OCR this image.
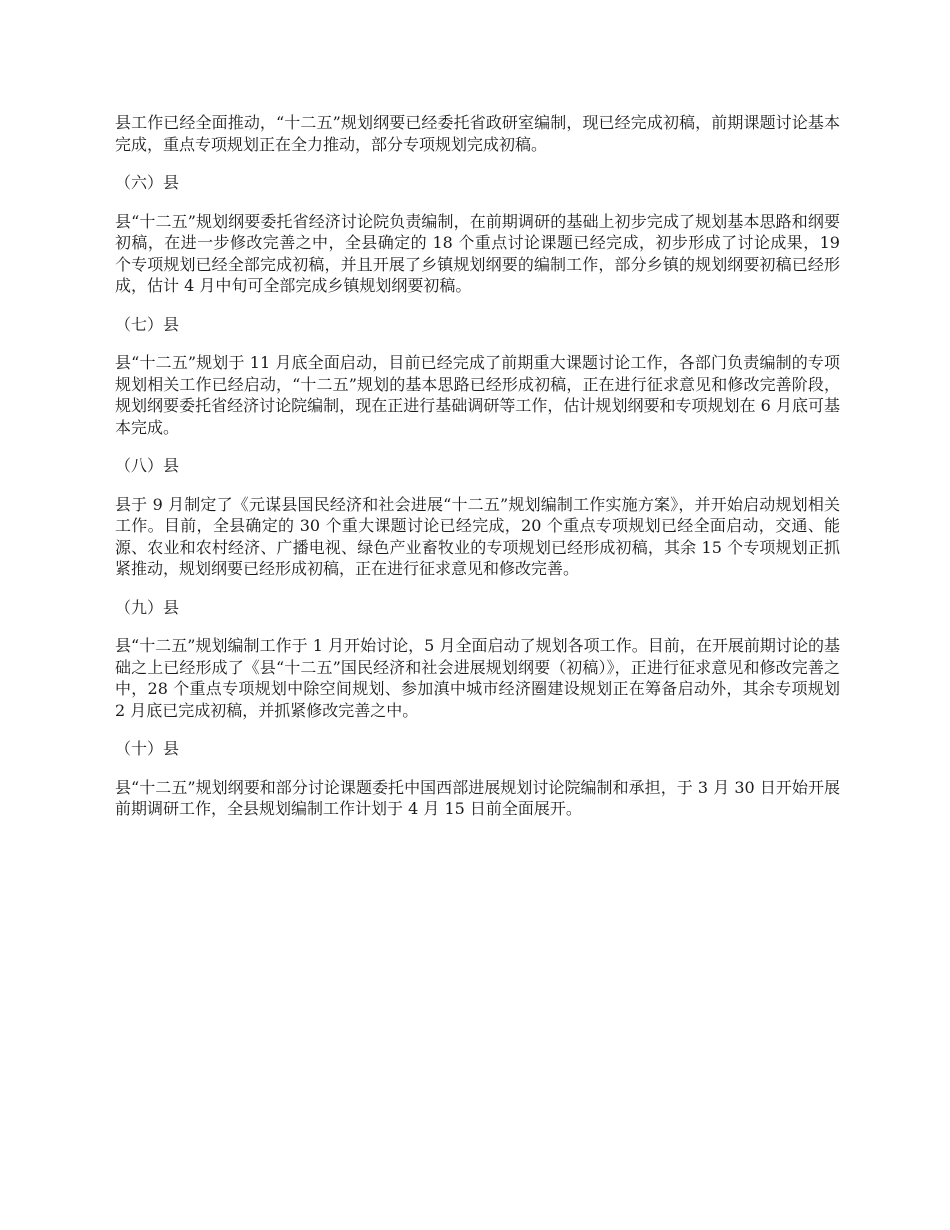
县工作已经全面推动，“十二五”规划纲要已经委托省政研室编制，现已经完成初稿，前期课题讨论基本完成，重点专项规划正在全力推动，部分专项规划完成初稿。

（六）县

县“十二五”规划纲要委托省经济讨论院负责编制，在前期调研的基础上初步完成了规划基本思路和纲要初稿，在进一步修改完善之中，全县确定的 18 个重点讨论课题已经完成，初步形成了讨论成果，19 个专项规划已经全部完成初稿，并且开展了乡镇规划纲要的编制工作，部分乡镇的规划纲要初稿已经形成，估计 4 月中旬可全部完成乡镇规划纲要初稿。

（七）县

县“十二五”规划于 11 月底全面启动，目前已经完成了前期重大课题讨论工作，各部门负责编制的专项规划相关工作已经启动，“十二五”规划的基本思路已经形成初稿，正在进行征求意见和修改完善阶段，规划纲要委托省经济讨论院编制，现在正进行基础调研等工作，估计规划纲要和专项规划在 6 月底可基本完成。

（八）县

县于 9 月制定了《元谋县国民经济和社会进展“十二五”规划编制工作实施方案》，并开始启动规划相关工作。目前，全县确定的 30 个重大课题讨论已经完成，20 个重点专项规划已经全面启动，交通、能源、农业和农村经济、广播电视、绿色产业畜牧业的专项规划已经形成初稿，其余 15 个专项规划正抓紧推动，规划纲要已经形成初稿，正在进行征求意见和修改完善。

（九）县

县“十二五”规划编制工作于 1 月开始讨论，5 月全面启动了规划各项工作。目前，在开展前期讨论的基础之上已经形成了《县“十二五”国民经济和社会进展规划纲要（初稿）》，正进行征求意见和修改完善之中，28 个重点专项规划中除空间规划、参加滇中城市经济圈建设规划正在筹备启动外，其余专项规划 2 月底已完成初稿，并抓紧修改完善之中。

（十）县

县“十二五”规划纲要和部分讨论课题委托中国西部进展规划讨论院编制和承担，于 3 月 30 日开始开展前期调研工作，全县规划编制工作计划于 4 月 15 日前全面展开。
